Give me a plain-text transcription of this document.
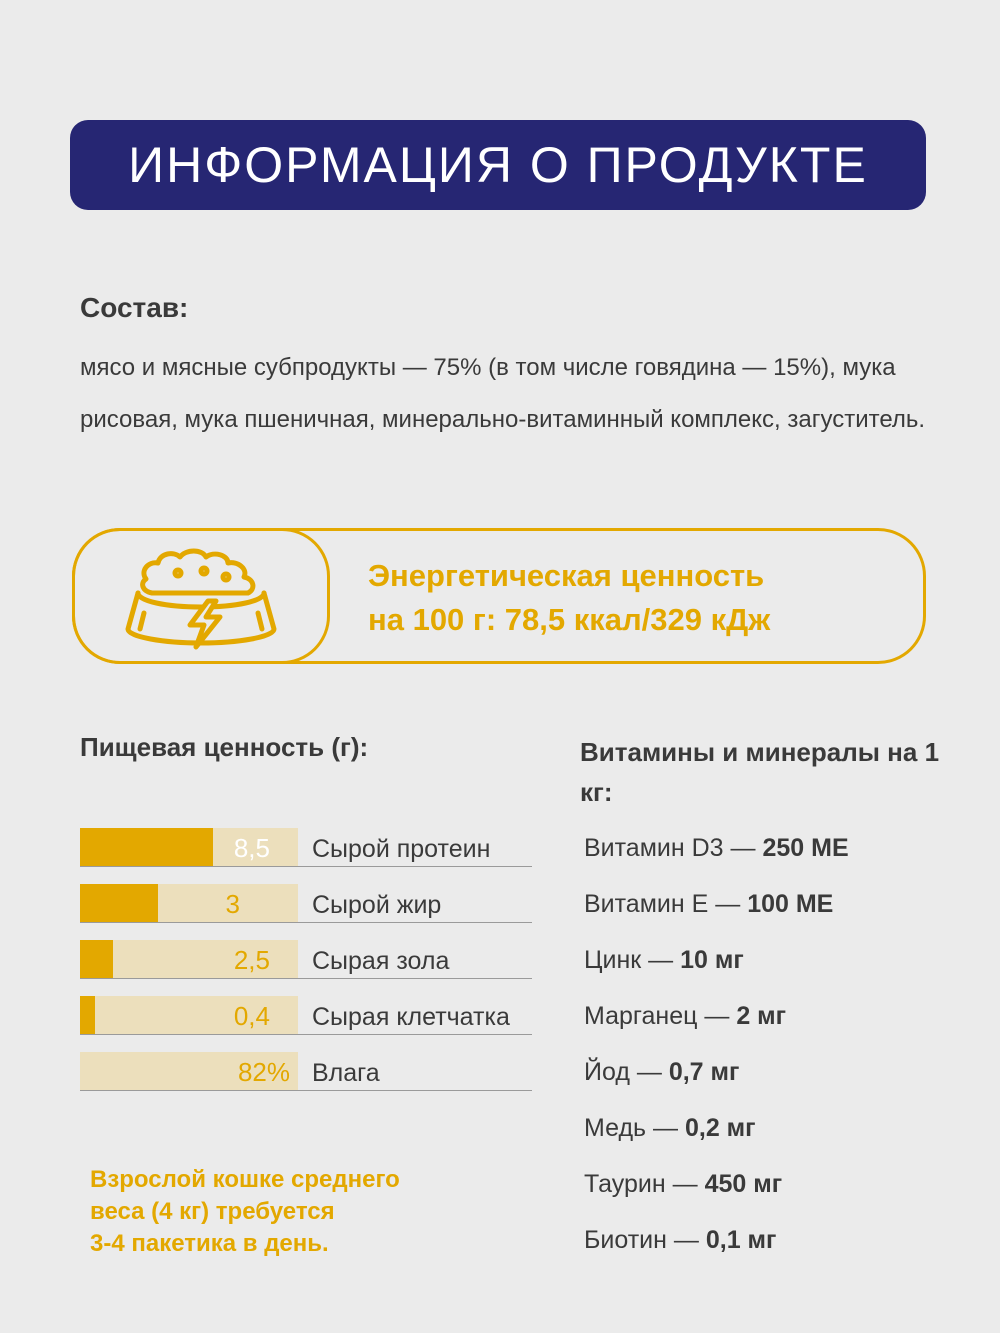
ИНФОРМАЦИЯ О ПРОДУКТЕ
Состав:
мясо и мясные субпродукты — 75% (в том числе говядина — 15%), мука рисовая, мука пшеничная, минерально-витаминный комплекс, загуститель.
Энергетическая ценность
на 100 г: 78,5 ккал/329 кДж
Пищевая ценность (г):	Витамины и минералы на 1 кг:
8,5 Сырой протеин
3	Сырой жир
2,5 Сырая зола
0,4 Сырая клетчатка
82% Влага
Витамин D3 — 250 МЕ
Витамин Е — 100 МЕ
Цинк — 10 мг
Марганец — 2 мг
Йод — 0,7 мг
Медь — 0,2 мг
Таурин — 450 мг
Биотин — 0,1 мг
Взрослой кошке среднего
веса (4 кг) требуется
3-4 пакетика в день.
